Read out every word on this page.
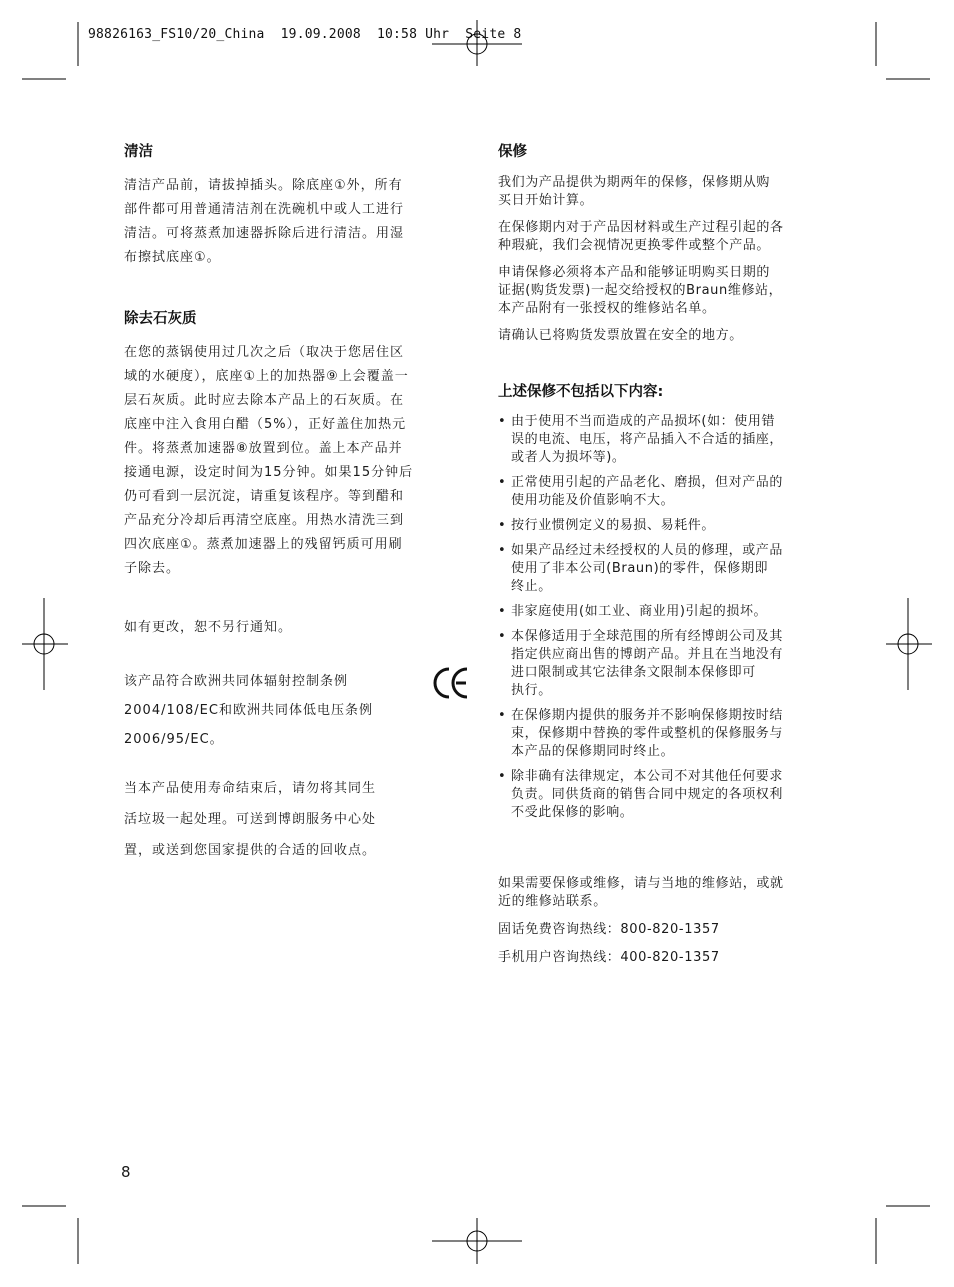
98826163_FS10/20_China  19.09.2008  10:58 Uhr  Seite 8
清洁

清洁产品前，请拔掉插头。除底座①外，所有

部件都可用普通清洁剂在洗碗机中或人工进行

清洁。可将蒸煮加速器拆除后进行清洁。用湿

布擦拭底座①。

除去石灰质

在您的蒸锅使用过几次之后（取决于您居住区

域的水硬度），底座①上的加热器⑨上会覆盖一

层石灰质。此时应去除本产品上的石灰质。在

底座中注入食用白醋（5%），正好盖住加热元

件。将蒸煮加速器⑧放置到位。盖上本产品并

接通电源，设定时间为15分钟。如果15分钟后

仍可看到一层沉淀，请重复该程序。等到醋和

产品充分冷却后再清空底座。用热水清洗三到

四次底座①。蒸煮加速器上的残留钙质可用刷

子除去。

如有更改，恕不另行通知。

该产品符合欧洲共同体辐射控制条例

2004/108/EC和欧洲共同体低电压条例

2006/95/EC。

当本产品使用寿命结束后，请勿将其同生

活垃圾一起处理。可送到博朗服务中心处

置，或送到您国家提供的合适的回收点。

保修

我们为产品提供为期两年的保修，保修期从购

买日开始计算。

在保修期内对于产品因材料或生产过程引起的各

种瑕疵，我们会视情况更换零件或整个产品。

申请保修必须将本产品和能够证明购买日期的

证据(购货发票)一起交给授权的Braun维修站，

本产品附有一张授权的维修站名单。

请确认已将购货发票放置在安全的地方。

上述保修不包括以下内容:
• 由于使用不当而造成的产品损坏(如：使用错
误的电流、电压，将产品插入不合适的插座，
或者人为损坏等)。
• 正常使用引起的产品老化、磨损，但对产品的
使用功能及价值影响不大。
• 按行业惯例定义的易损、易耗件。
• 如果产品经过未经授权的人员的修理，或产品
使用了非本公司(Braun)的零件，保修期即
终止。
• 非家庭使用(如工业、商业用)引起的损坏。
• 本保修适用于全球范围的所有经博朗公司及其
指定供应商出售的博朗产品。并且在当地没有
进口限制或其它法律条文限制本保修即可
执行。
• 在保修期内提供的服务并不影响保修期按时结
束，保修期中替换的零件或整机的保修服务与
本产品的保修期同时终止。
• 除非确有法律规定，本公司不对其他任何要求
负责。同供货商的销售合同中规定的各项权利
不受此保修的影响。

如果需要保修或维修，请与当地的维修站，或就

近的维修站联系。

固话免费咨询热线：800-820-1357

手机用户咨询热线：400-820-1357

8
